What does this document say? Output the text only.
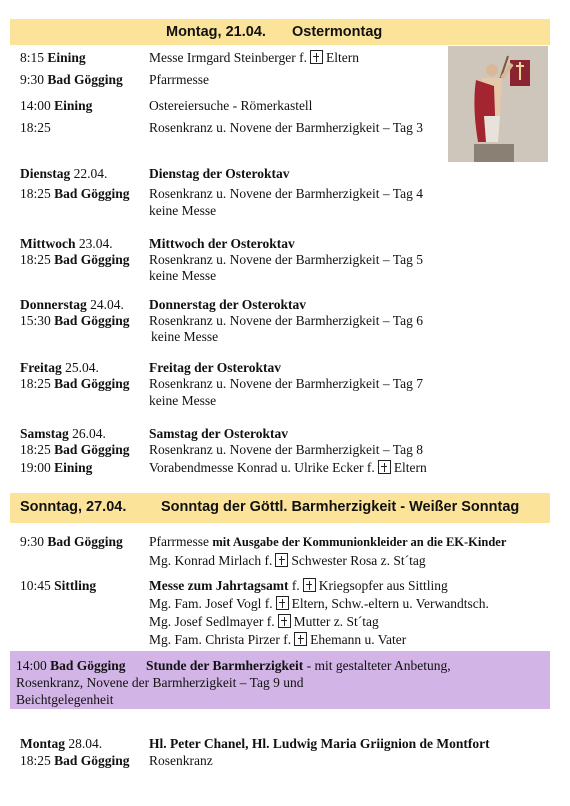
Montag, 21.04. Ostermontag
8:15 Eining	Messe Irmgard Steinberger f. Eltern
9:30 Bad Gögging Pfarrmesse
14:00 Eining	Ostereiersuche - Römerkastell
18:25	Rosenkranz u. Novene der Barmherzigkeit – Tag 3
Dienstag 22.04.	Dienstag der Osteroktav
18:25 Bad Gögging Rosenkranz u. Novene der Barmherzigkeit – Tag 4
keine Messe
Mittwoch 23.04.	Mittwoch der Osteroktav
18:25 Bad Gögging Rosenkranz u. Novene der Barmherzigkeit – Tag 5
keine Messe
Donnerstag 24.04. Donnerstag der Osteroktav
15:30 Bad Gögging Rosenkranz u. Novene der Barmherzigkeit – Tag 6
keine Messe
Freitag 25.04.	Freitag der Osteroktav
18:25 Bad Gögging Rosenkranz u. Novene der Barmherzigkeit – Tag 7
keine Messe
Samstag 26.04.	Samstag der Osteroktav
18:25 Bad Gögging Rosenkranz u. Novene der Barmherzigkeit – Tag 8
19:00 Eining	Vorabendmesse Konrad u. Ulrike Ecker f. Eltern
Sonntag, 27.04. Sonntag der Göttl. Barmherzigkeit - Weißer Sonntag
9:30 Bad Gögging Pfarrmesse mit Ausgabe der Kommunionkleider an die EK-Kinder
Mg. Konrad Mirlach f. Schwester Rosa z. St´tag
10:45 Sittling	Messe zum Jahrtagsamt f. Kriegsopfer aus Sittling
Mg. Fam. Josef Vogl f. Eltern, Schw.-eltern u. Verwandtsch.
Mg. Josef Sedlmayer f. Mutter z. St´tag
Mg. Fam. Christa Pirzer f. Ehemann u. Vater
14:00 Bad Gögging Stunde der Barmherzigkeit - mit gestalteter Anbetung,
Rosenkranz, Novene der Barmherzigkeit – Tag 9 und
Beichtgelegenheit
Montag 28.04.	Hl. Peter Chanel, Hl. Ludwig Maria Griignion de Montfort
18:25 Bad Gögging Rosenkranz
